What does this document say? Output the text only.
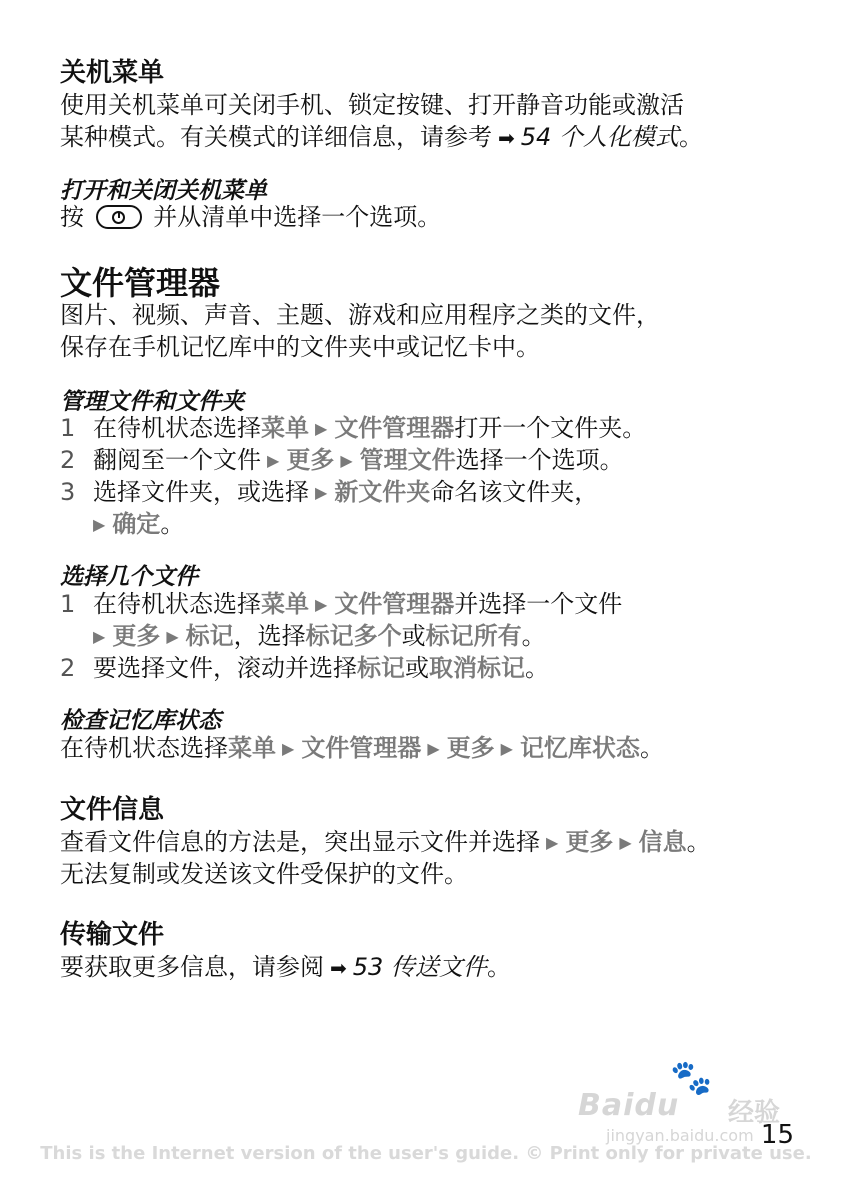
关机菜单
使用关机菜单可关闭手机、锁定按键、打开静音功能或激活
某种模式。有关模式的详细信息，请参考 ➡ 54 个人化模式。
打开和关闭关机菜单
按	并从清单中选择一个选项。
文件管理器
图片、视频、声音、主题、游戏和应用程序之类的文件，
保存在手机记忆库中的文件夹中或记忆卡中。
管理文件和文件夹
1 在待机状态选择菜单 ▶ 文件管理器打开一个文件夹。
2 翻阅至一个文件 ▶ 更多 ▶ 管理文件选择一个选项。
3 选择文件夹，或选择 ▶ 新文件夹命名该文件夹，
▶ 确定。
选择几个文件
1 在待机状态选择菜单 ▶ 文件管理器并选择一个文件
▶ 更多 ▶ 标记，选择标记多个或标记所有。
2 要选择文件，滚动并选择标记或取消标记。
检查记忆库状态
在待机状态选择菜单 ▶ 文件管理器 ▶ 更多 ▶ 记忆库状态。
文件信息
查看文件信息的方法是，突出显示文件并选择 ▶ 更多 ▶ 信息。
无法复制或发送该文件受保护的文件。
传输文件
要获取更多信息，请参阅 ➡ 53 传送文件。
🐾
Baidu 经验
jingyan.baidu.com 15
This is the Internet version of the user's guide. © Print only for private use.
